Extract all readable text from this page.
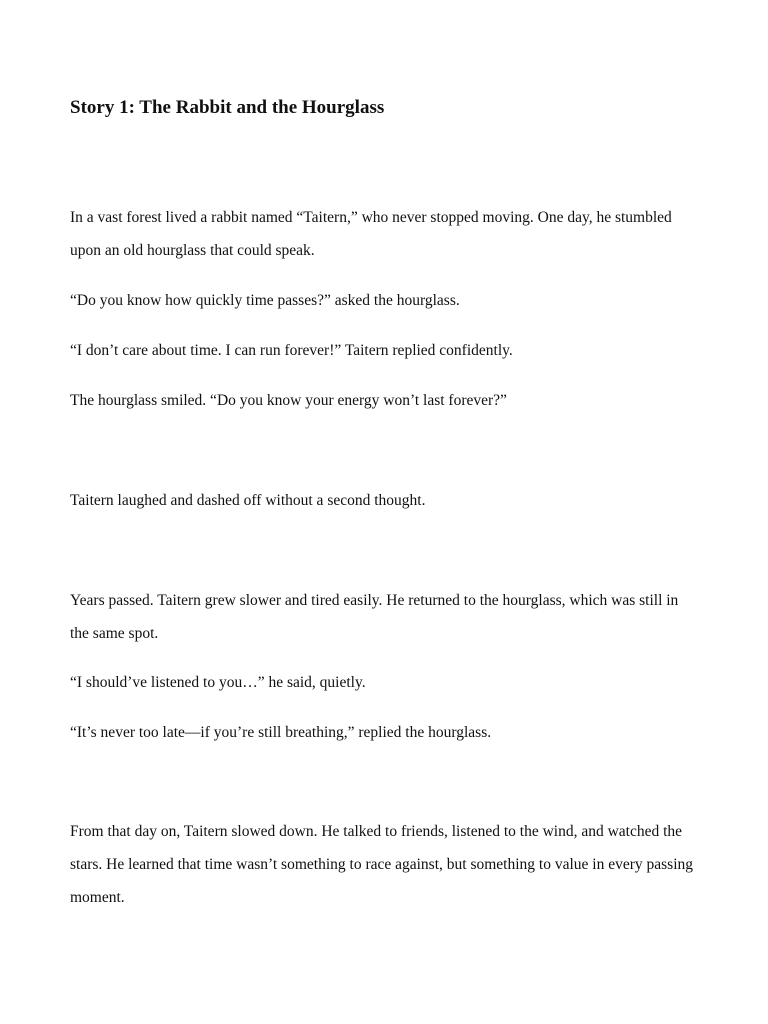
Story 1: The Rabbit and the Hourglass

In a vast forest lived a rabbit named “Taitern,” who never stopped moving. One day, he stumbled upon an old hourglass that could speak.

“Do you know how quickly time passes?” asked the hourglass.

“I don’t care about time. I can run forever!” Taitern replied confidently.

The hourglass smiled. “Do you know your energy won’t last forever?”

Taitern laughed and dashed off without a second thought.

Years passed. Taitern grew slower and tired easily. He returned to the hourglass, which was still in the same spot.

“I should’ve listened to you…” he said, quietly.

“It’s never too late—if you’re still breathing,” replied the hourglass.

From that day on, Taitern slowed down. He talked to friends, listened to the wind, and watched the stars. He learned that time wasn’t something to race against, but something to value in every passing moment.
